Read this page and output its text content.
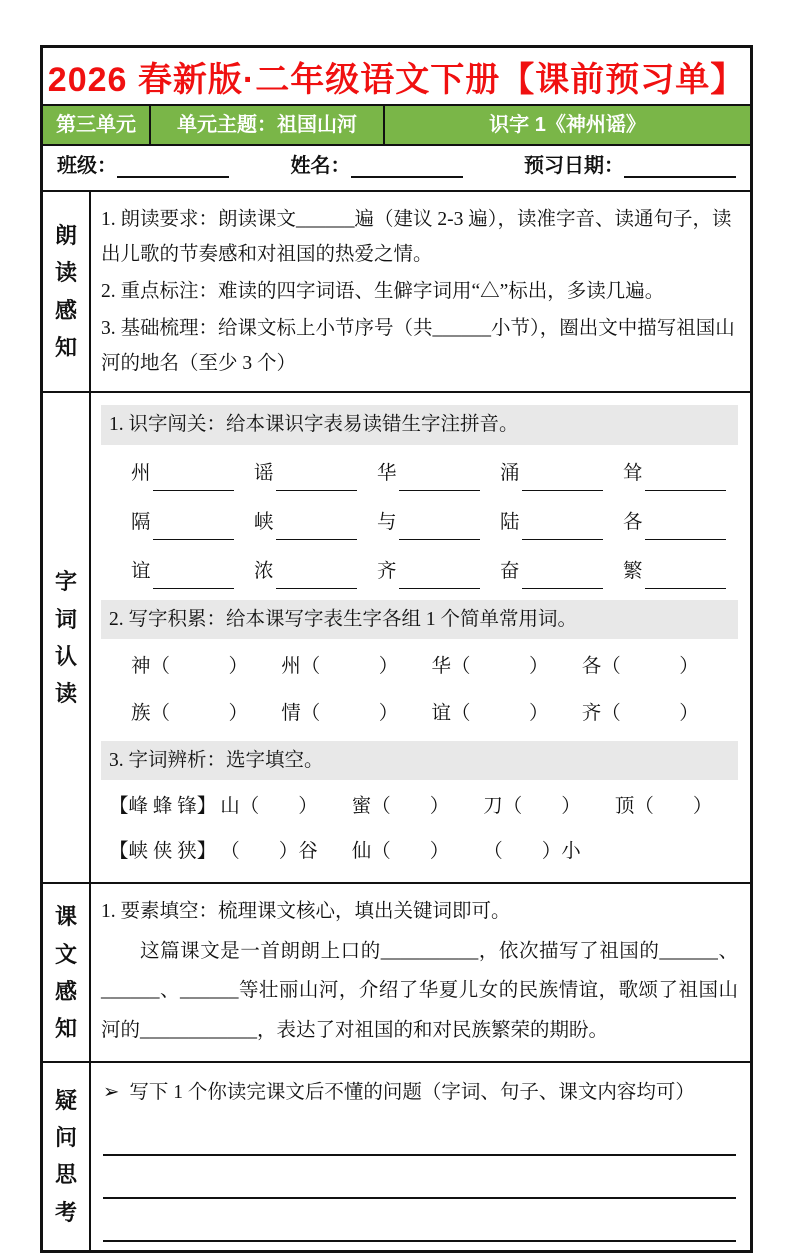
2026 春新版·二年级语文下册【课前预习单】
第三单元	单元主题：祖国山河	识字 1《神州谣》
班级：	姓名：	预习日期：
朗读感知

1. 朗读要求：朗读课文______遍（建议 2-3 遍），读准字音、读通句子，读出儿歌的节奏感和对祖国的热爱之情。

2. 重点标注：难读的四字词语、生僻字词用“△”标出，多读几遍。

3. 基础梳理：给课文标上小节序号（共______小节），圈出文中描写祖国山河的地名（至少 3 个）

字词认读
1. 识字闯关：给本课识字表易读错生字注拼音。
州	谣	华	涌	耸
隔	峡	与	陆	各
谊	浓	齐	奋	繁
2. 写字积累：给本课写字表生字各组 1 个简单常用词。
神（　　　）	州（　　　）	华（　　　）	各（　　　）
族（　　　）	情（　　　）	谊（　　　）	齐（　　　）
3. 字词辨析：选字填空。
【峰 蜂 锋】 山（　　） 蜜（　　） 刀（　　） 顶（　　）
【峡 侠 狭】 （　　）谷 仙（　　） （　　）小
课文感知

1. 要素填空：梳理课文核心，填出关键词即可。

这篇课文是一首朗朗上口的__________，依次描写了祖国的______、______、______等壮丽山河，介绍了华夏儿女的民族情谊，歌颂了祖国山河的____________，表达了对祖国的和对民族繁荣的期盼。

疑问思考
➢ 写下 1 个你读完课文后不懂的问题（字词、句子、课文内容均可）
